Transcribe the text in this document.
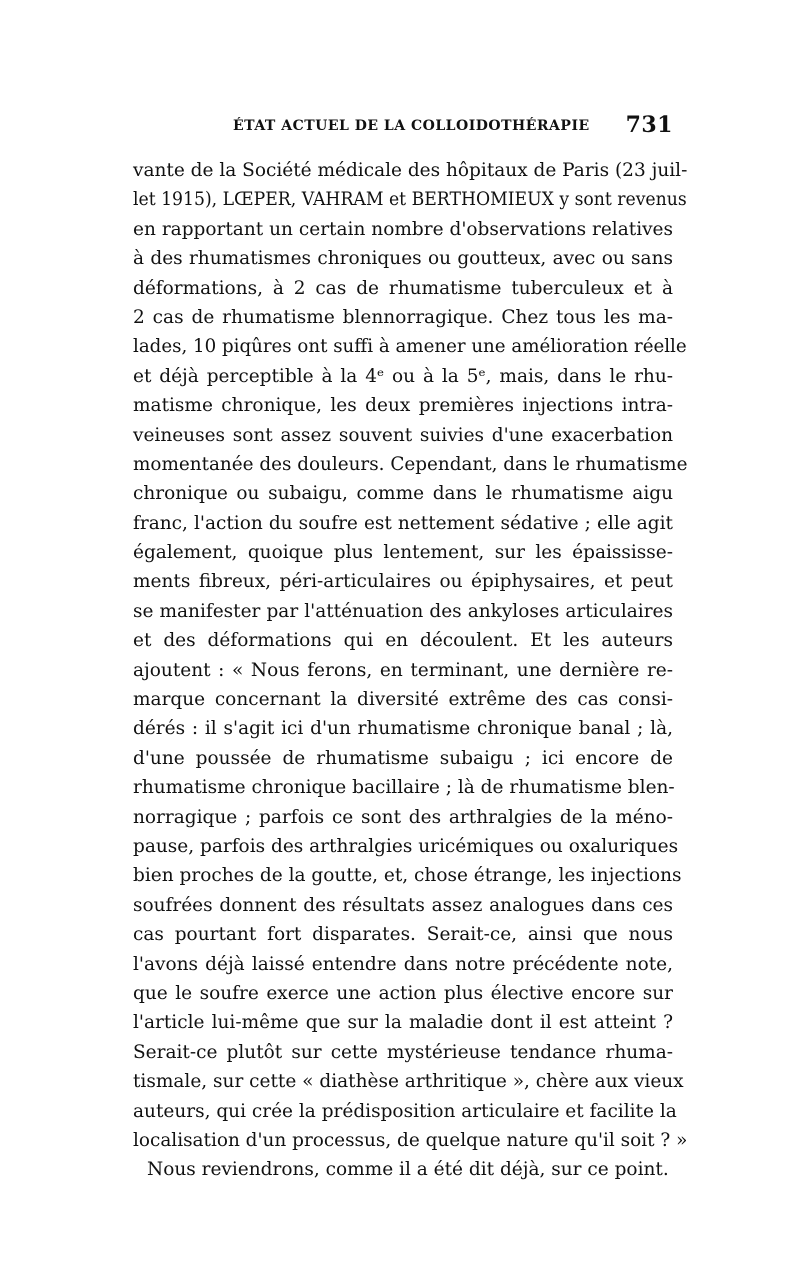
ÉTAT ACTUEL DE LA COLLOIDOTHÉRAPIE 731
vante de la Société médicale des hôpitaux de Paris (23 juil-
let 1915), LŒPER, VAHRAM et BERTHOMIEUX y sont revenus
en rapportant un certain nombre d'observations relatives
à des rhumatismes chroniques ou goutteux, avec ou sans
déformations, à 2 cas de rhumatisme tuberculeux et à
2 cas de rhumatisme blennorragique. Chez tous les ma-
lades, 10 piqûres ont suffi à amener une amélioration réelle
et déjà perceptible à la 4ᵉ ou à la 5ᵉ, mais, dans le rhu-
matisme chronique, les deux premières injections intra-
veineuses sont assez souvent suivies d'une exacerbation
momentanée des douleurs. Cependant, dans le rhumatisme
chronique ou subaigu, comme dans le rhumatisme aigu
franc, l'action du soufre est nettement sédative ; elle agit
également, quoique plus lentement, sur les épaississe-
ments fibreux, péri-articulaires ou épiphysaires, et peut
se manifester par l'atténuation des ankyloses articulaires
et des déformations qui en découlent. Et les auteurs
ajoutent : « Nous ferons, en terminant, une dernière re-
marque concernant la diversité extrême des cas consi-
dérés : il s'agit ici d'un rhumatisme chronique banal ; là,
d'une poussée de rhumatisme subaigu ; ici encore de
rhumatisme chronique bacillaire ; là de rhumatisme blen-
norragique ; parfois ce sont des arthralgies de la méno-
pause, parfois des arthralgies uricémiques ou oxaluriques
bien proches de la goutte, et, chose étrange, les injections
soufrées donnent des résultats assez analogues dans ces
cas pourtant fort disparates. Serait-ce, ainsi que nous
l'avons déjà laissé entendre dans notre précédente note,
que le soufre exerce une action plus élective encore sur
l'article lui-même que sur la maladie dont il est atteint ?
Serait-ce plutôt sur cette mystérieuse tendance rhuma-
tismale, sur cette « diathèse arthritique », chère aux vieux
auteurs, qui crée la prédisposition articulaire et facilite la
localisation d'un processus, de quelque nature qu'il soit ? »
Nous reviendrons, comme il a été dit déjà, sur ce point.
